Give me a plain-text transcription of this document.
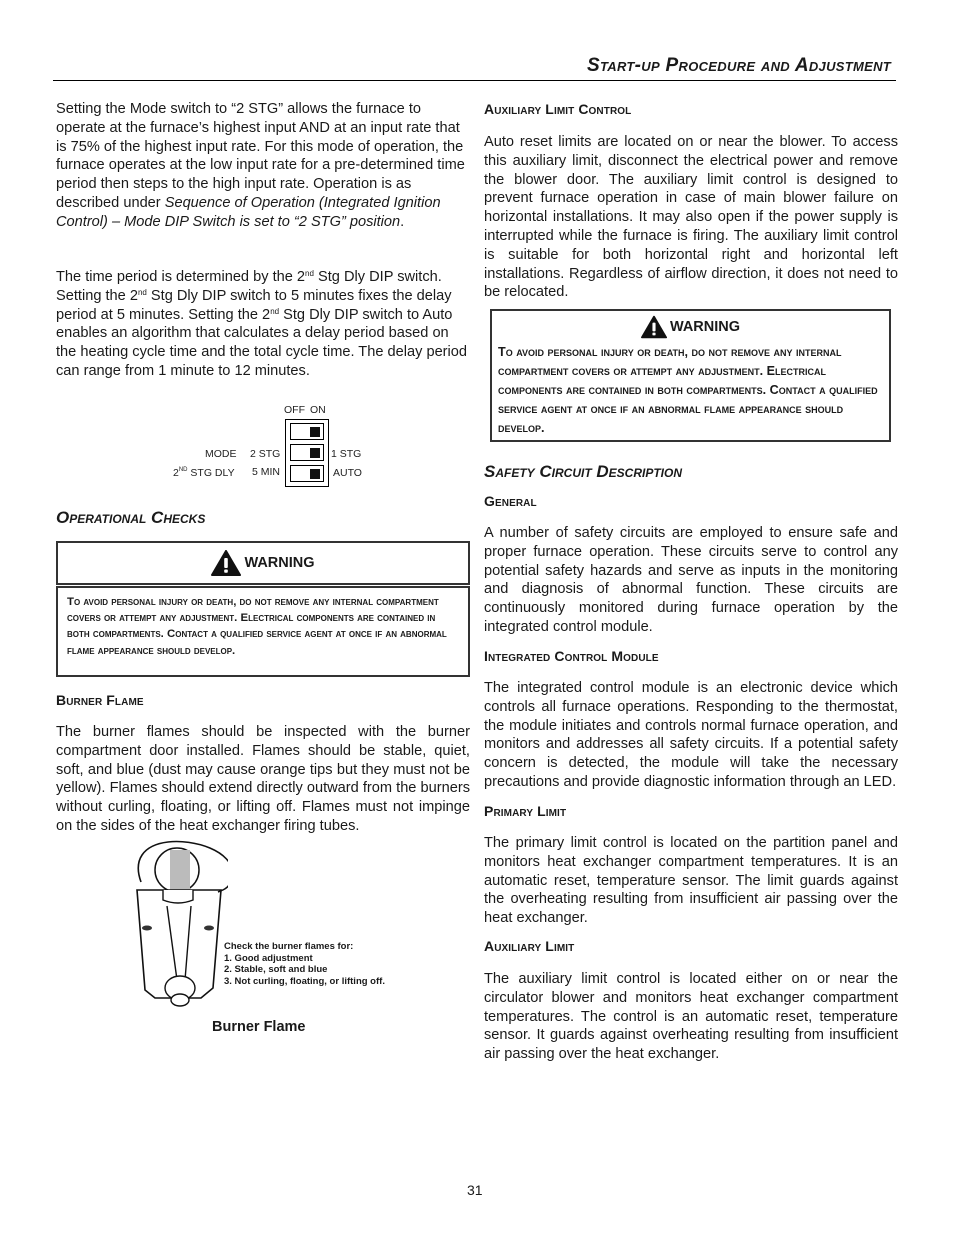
Start-up Procedure and Adjustment

Setting the Mode switch to “2 STG” allows the furnace to operate at the furnace’s highest input AND at an input rate that is 75% of the highest input rate. For this mode of operation, the furnace operates at the low input rate for a pre-determined time period then steps to the high input rate. Operation is as described under Sequence of Operation (Integrated Ignition Control) – Mode DIP Switch is set to “2 STG” position.

The time period is determined by the 2nd Stg Dly DIP switch. Setting the 2nd Stg Dly DIP switch to 5 minutes fixes the delay period at 5 minutes. Setting the 2nd Stg Dly DIP switch to Auto enables an algorithm that calculates a delay period based on the heating cycle time and the total cycle time. The delay period can range from 1 minute to 12 minutes.

OFF ON
MODE 2 STG	1 STG
2ND STG DLY 5 MIN	AUTO
Operational Checks
WARNING
To avoid personal injury or death, do not remove any internal compartment covers or attempt any adjustment. Electrical components are contained in both compartments. Contact a qualified service agent at once if an abnormal flame appearance should develop.
Burner Flame

The burner flames should be inspected with the burner compartment door installed. Flames should be stable, quiet, soft, and blue (dust may cause orange tips but they must not be yellow). Flames should extend directly outward from the burners without curling, floating, or lifting off. Flames must not impinge on the sides of the heat exchanger firing tubes.

Check the burner flames for:
1. Good adjustment
2. Stable, soft and blue
3. Not curling, floating, or lifting off.
Burner Flame
Auxiliary Limit Control

Auto reset limits are located on or near the blower. To access this auxiliary limit, disconnect the electrical power and remove the blower door. The auxiliary limit control is designed to prevent furnace operation in case of main blower failure on horizontal installations. It may also open if the power supply is interrupted while the furnace is firing. The auxiliary limit control is suitable for both horizontal right and horizontal left installations. Regardless of airflow direction, it does not need to be relocated.

WARNING
To avoid personal injury or death, do not remove any internal compartment covers or attempt any adjustment. Electrical components are contained in both compartments. Contact a qualified service agent at once if an abnormal flame appearance should develop.
Safety Circuit Description
General

A number of safety circuits are employed to ensure safe and proper furnace operation. These circuits serve to control any potential safety hazards and serve as inputs in the monitoring and diagnosis of abnormal function. These circuits are continuously monitored during furnace operation by the integrated control module.

Integrated Control Module

The integrated control module is an electronic device which controls all furnace operations. Responding to the thermostat, the module initiates and controls normal furnace operation, and monitors and addresses all safety circuits. If a potential safety concern is detected, the module will take the necessary precautions and provide diagnostic information through an LED.

Primary Limit

The primary limit control is located on the partition panel and monitors heat exchanger compartment temperatures. It is an automatic reset, temperature sensor. The limit guards against the overheating resulting from insufficient air passing over the heat exchanger.

Auxiliary Limit

The auxiliary limit control is located either on or near the circulator blower and monitors heat exchanger compartment temperatures. The control is an automatic reset, temperature sensor. It guards against overheating resulting from insufficient air passing over the heat exchanger.

31
